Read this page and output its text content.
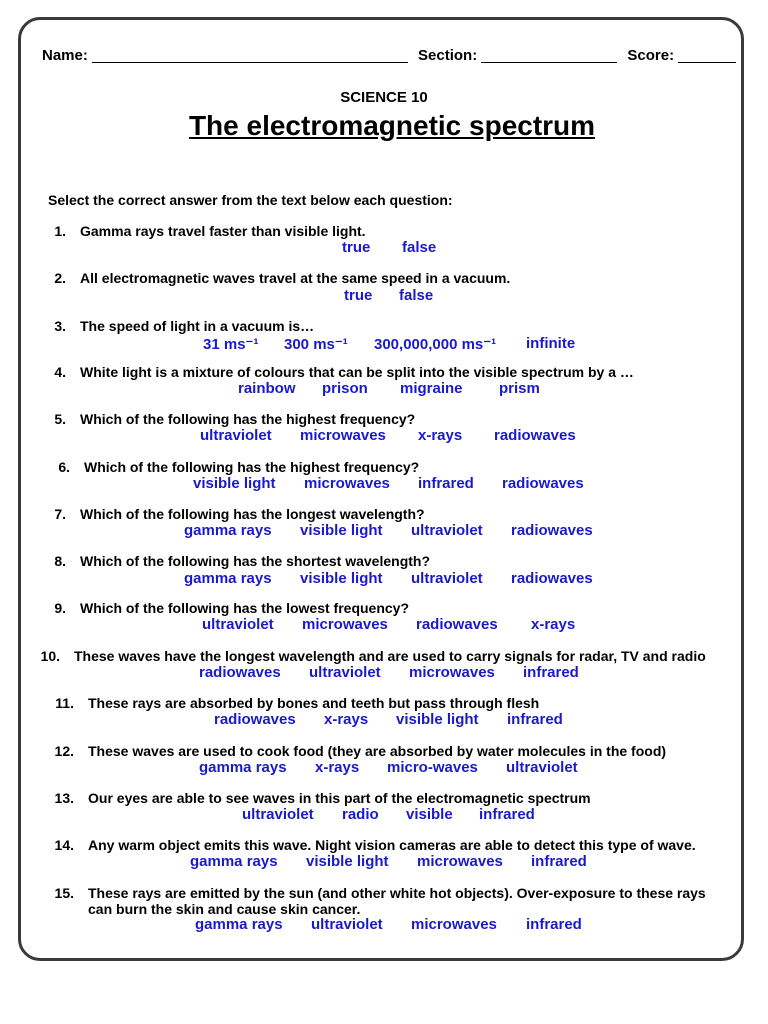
Name:	Section:	Score:
SCIENCE 10
The electromagnetic spectrum
Select the correct answer from the text below each question:
1. Gamma rays travel faster than visible light.
true false
2. All electromagnetic waves travel at the same speed in a vacuum.
true false
3. The speed of light in a vacuum is…
31 ms⁻¹ 300 ms⁻¹ 300,000,000 ms⁻¹ infinite
4. White light is a mixture of colours that can be split into the visible spectrum by a …
rainbow prison migraine prism
5. Which of the following has the highest frequency?
ultraviolet microwaves x-rays radiowaves
6. Which of the following has the highest frequency?
visible light microwaves infrared radiowaves
7. Which of the following has the longest wavelength?
gamma rays visible light ultraviolet radiowaves
8. Which of the following has the shortest wavelength?
gamma rays visible light ultraviolet radiowaves
9. Which of the following has the lowest frequency?
ultraviolet microwaves radiowaves x-rays
10. These waves have the longest wavelength and are used to carry signals for radar, TV and radio
radiowaves ultraviolet microwaves infrared
11. These rays are absorbed by bones and teeth but pass through flesh
radiowaves x-rays visible light infrared
12. These waves are used to cook food (they are absorbed by water molecules in the food)
gamma rays x-rays micro-waves ultraviolet
13. Our eyes are able to see waves in this part of the electromagnetic spectrum
ultraviolet radio visible infrared
14. Any warm object emits this wave. Night vision cameras are able to detect this type of wave.
gamma rays visible light microwaves infrared
15. These rays are emitted by the sun (and other white hot objects). Over-exposure to these rays can burn the skin and cause skin cancer.
gamma rays ultraviolet microwaves infrared
